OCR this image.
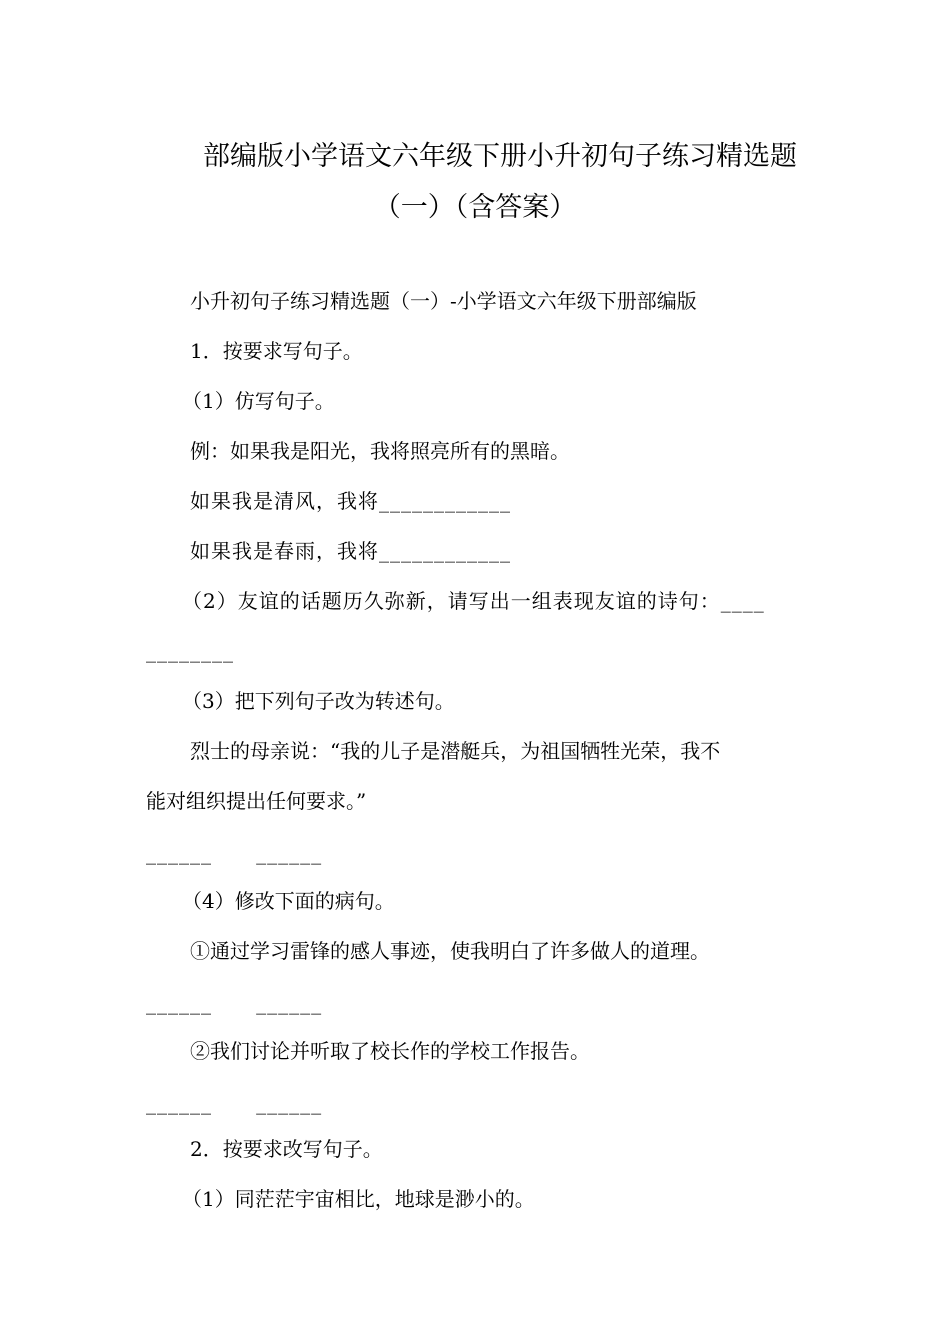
部编版小学语文六年级下册小升初句子练习精选题
（一）（含答案）
小升初句子练习精选题（一）-小学语文六年级下册部编版
1．按要求写句子。
（1）仿写句子。
例：如果我是阳光，我将照亮所有的黑暗。
如果我是清风，我将____________
如果我是春雨，我将____________
（2）友谊的话题历久弥新，请写出一组表现友谊的诗句：____
________
（3）把下列句子改为转述句。
烈士的母亲说：“我的儿子是潜艇兵，为祖国牺牲光荣，我不
能对组织提出任何要求。”
______      ______
（4）修改下面的病句。
①通过学习雷锋的感人事迹，使我明白了许多做人的道理。
______      ______
②我们讨论并听取了校长作的学校工作报告。
______      ______
2．按要求改写句子。
（1）同茫茫宇宙相比，地球是渺小的。
